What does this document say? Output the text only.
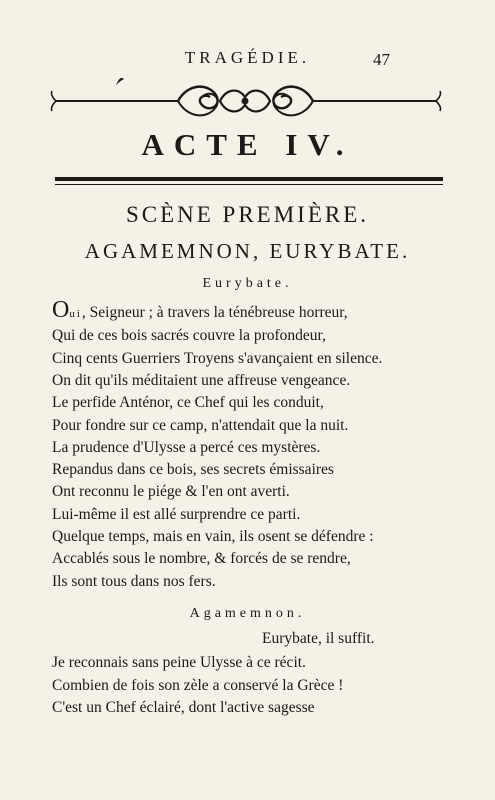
TRAGÉDIE.	47
ACTE IV.
SCÈNE PREMIÈRE.
AGAMEMNON, EURYBATE.
Eurybate.
Oui, Seigneur ; à travers la ténébreuse horreur,
Qui de ces bois sacrés couvre la profondeur,
Cinq cents Guerriers Troyens s'avançaient en silence.
On dit qu'ils méditaient une affreuse vengeance.
Le perfide Anténor, ce Chef qui les conduit,
Pour fondre sur ce camp, n'attendait que la nuit.
La prudence d'Ulysse a percé ces mystères.
Repandus dans ce bois, ses secrets émissaires
Ont reconnu le piége & l'en ont averti.
Lui-même il est allé surprendre ce parti.
Quelque temps, mais en vain, ils osent se défendre :
Accablés sous le nombre, & forcés de se rendre,
Ils sont tous dans nos fers.
Agamemnon.
Eurybate, il suffit.
Je reconnais sans peine Ulysse à ce récit.
Combien de fois son zèle a conservé la Grèce !
C'est un Chef éclairé, dont l'active sagesse
